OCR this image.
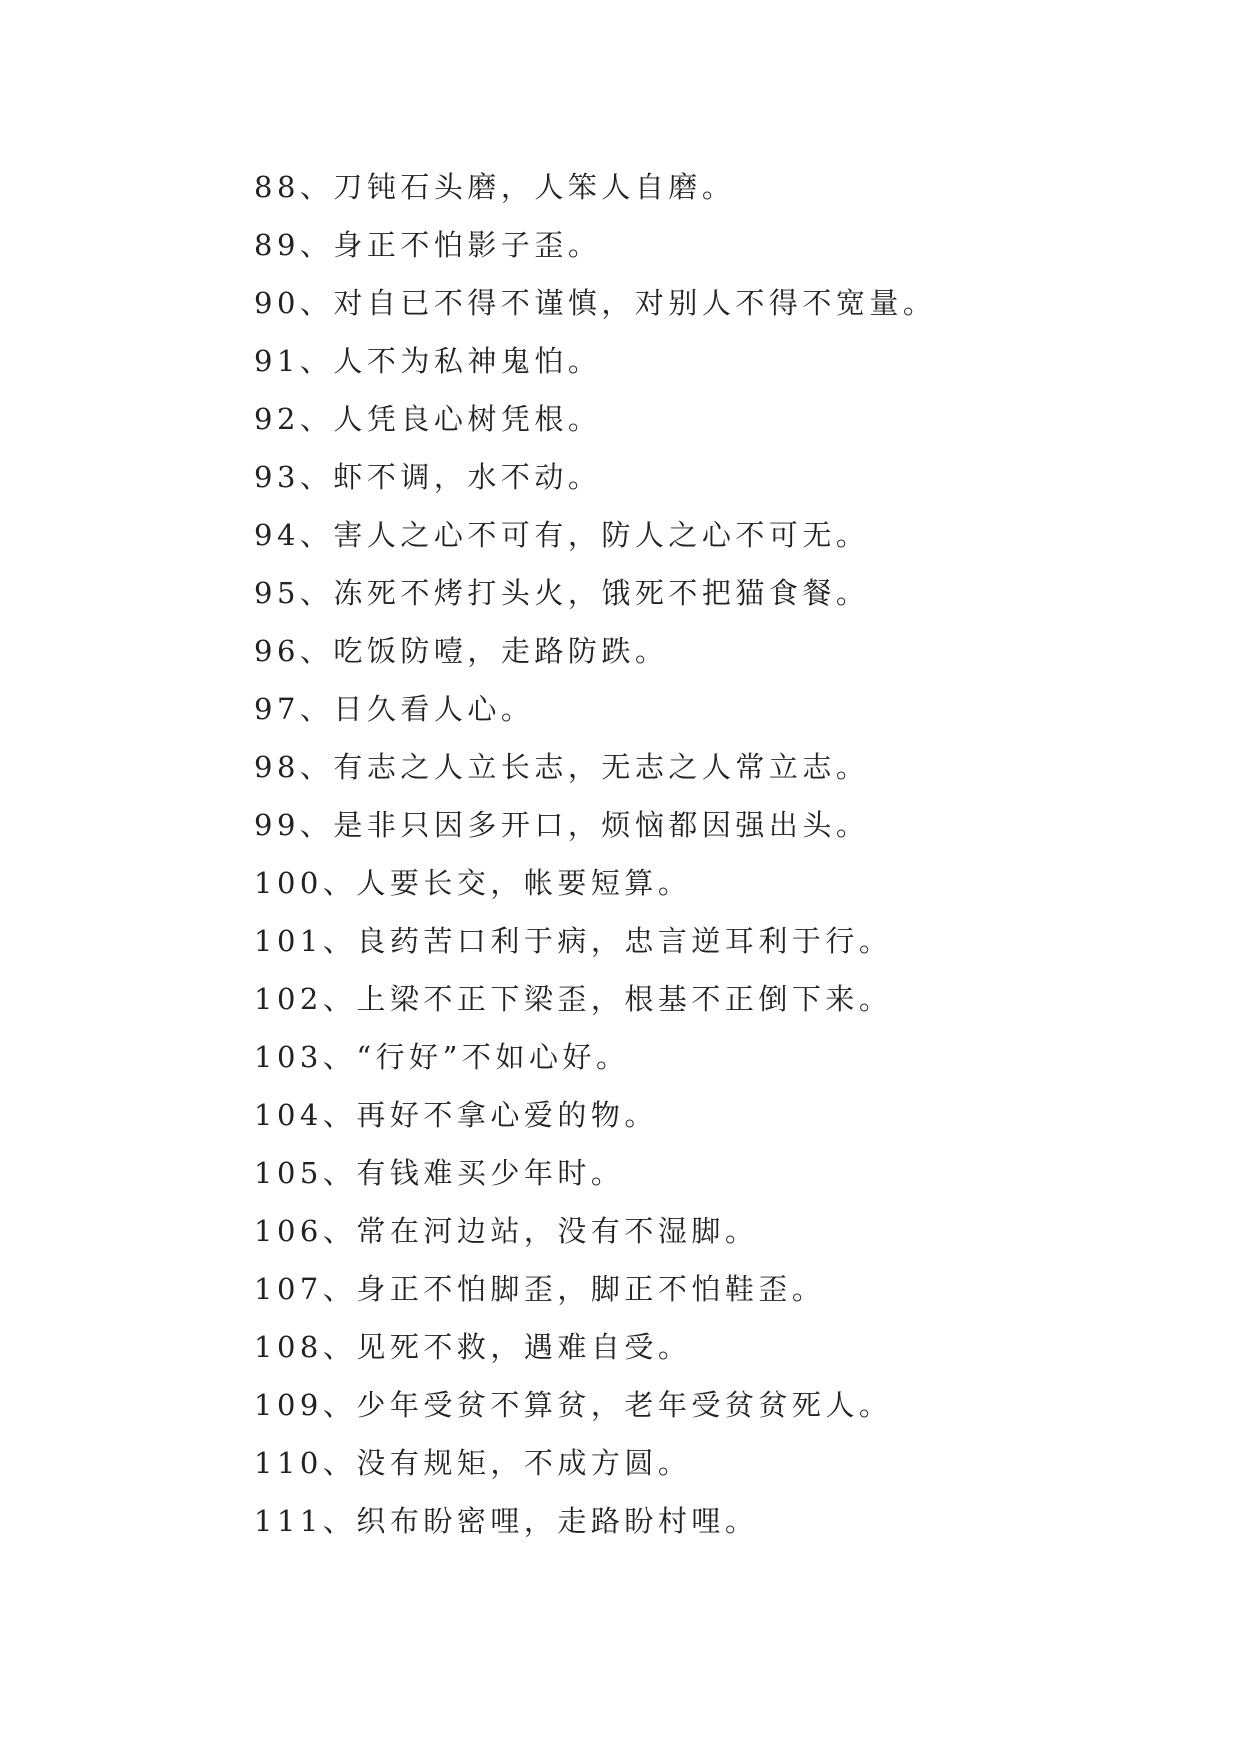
88、刀钝石头磨，人笨人自磨。
89、身正不怕影子歪。
90、对自已不得不谨慎，对别人不得不宽量。
91、人不为私神鬼怕。
92、人凭良心树凭根。
93、虾不调，水不动。
94、害人之心不可有，防人之心不可无。
95、冻死不烤打头火，饿死不把猫食餐。
96、吃饭防噎，走路防跌。
97、日久看人心。
98、有志之人立长志，无志之人常立志。
99、是非只因多开口，烦恼都因强出头。
100、人要长交，帐要短算。
101、良药苦口利于病，忠言逆耳利于行。
102、上梁不正下梁歪，根基不正倒下来。
103、“行好”不如心好。
104、再好不拿心爱的物。
105、有钱难买少年时。
106、常在河边站，没有不湿脚。
107、身正不怕脚歪，脚正不怕鞋歪。
108、见死不救，遇难自受。
109、少年受贫不算贫，老年受贫贫死人。
110、没有规矩，不成方圆。
111、织布盼密哩，走路盼村哩。
